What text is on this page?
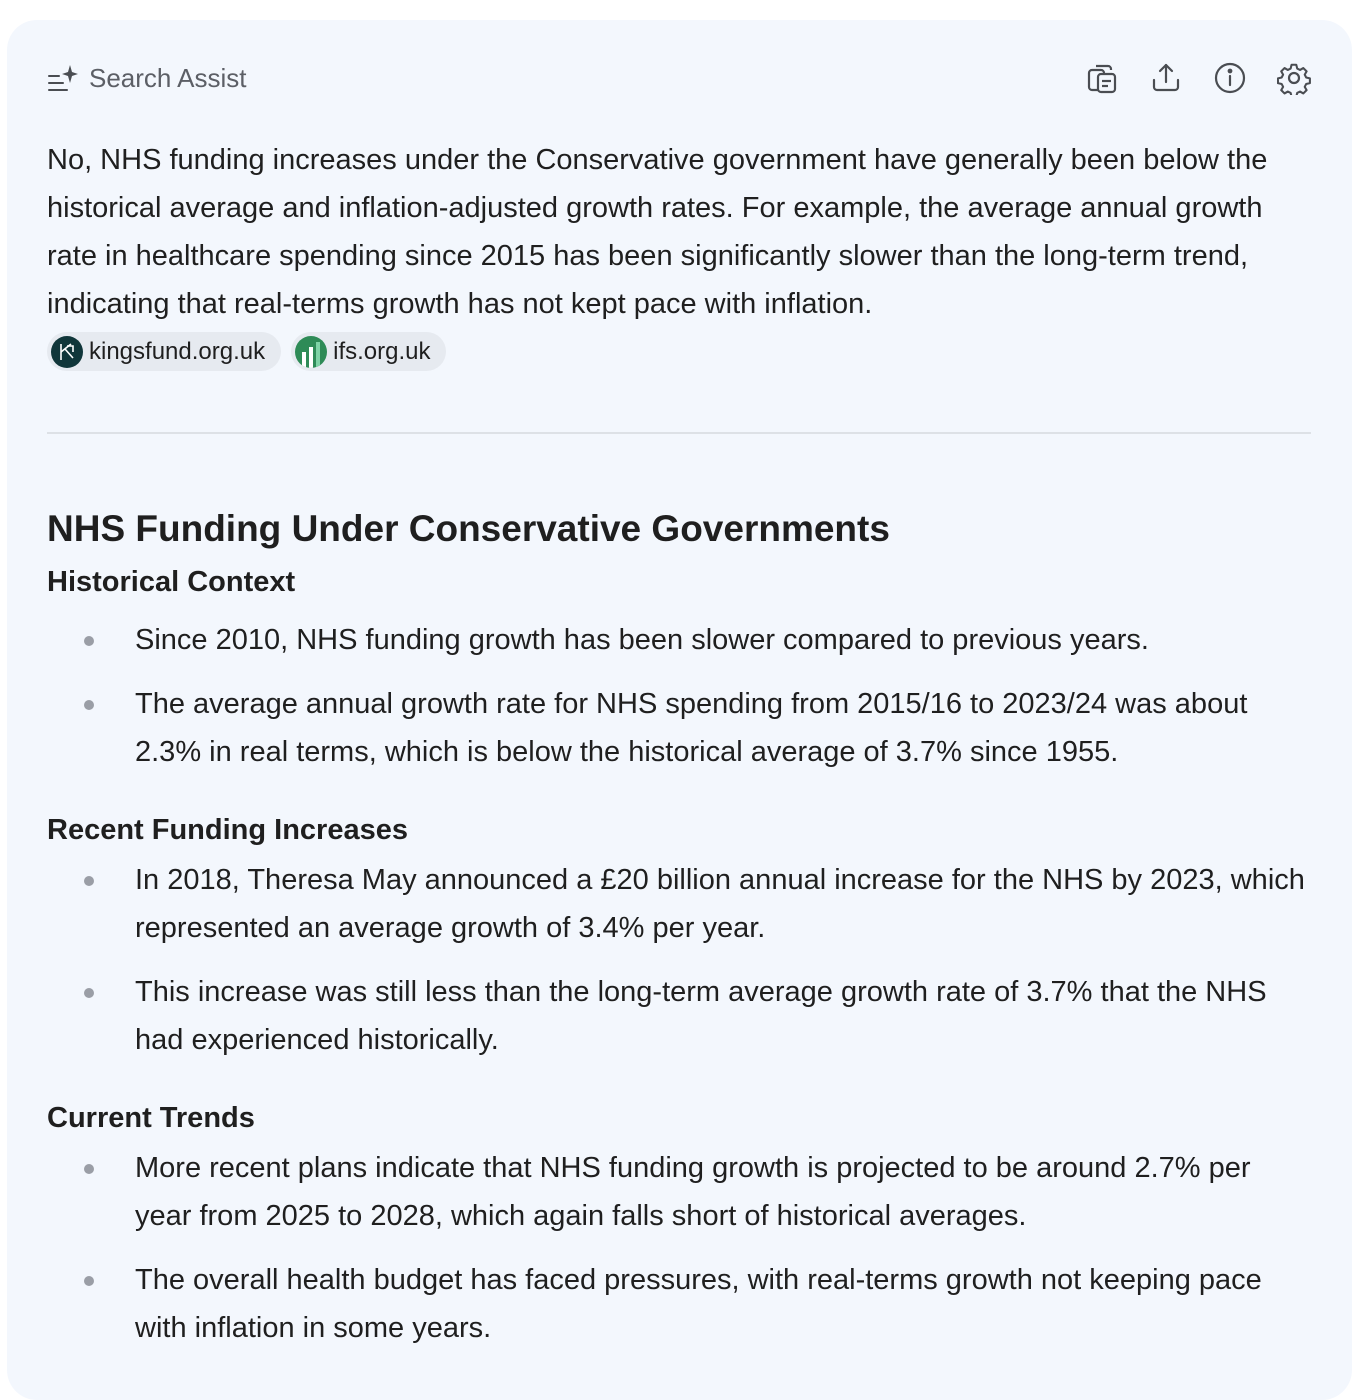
Search Assist

No, NHS funding increases under the Conservative government have generally been below the historical average and inflation-adjusted growth rates. For example, the average annual growth rate in healthcare spending since 2015 has been significantly slower than the long-term trend, indicating that real-terms growth has not kept pace with inflation.

kingsfund.org.uk	ifs.org.uk
NHS Funding Under Conservative Governments
Historical Context
Since 2010, NHS funding growth has been slower compared to previous years.
The average annual growth rate for NHS spending from 2015/16 to 2023/24 was about 2.3% in real terms, which is below the historical average of 3.7% since 1955.
Recent Funding Increases
In 2018, Theresa May announced a £20 billion annual increase for the NHS by 2023, which represented an average growth of 3.4% per year.
This increase was still less than the long-term average growth rate of 3.7% that the NHS had experienced historically.
Current Trends
More recent plans indicate that NHS funding growth is projected to be around 2.7% per year from 2025 to 2028, which again falls short of historical averages.
The overall health budget has faced pressures, with real-terms growth not keeping pace with inflation in some years.
